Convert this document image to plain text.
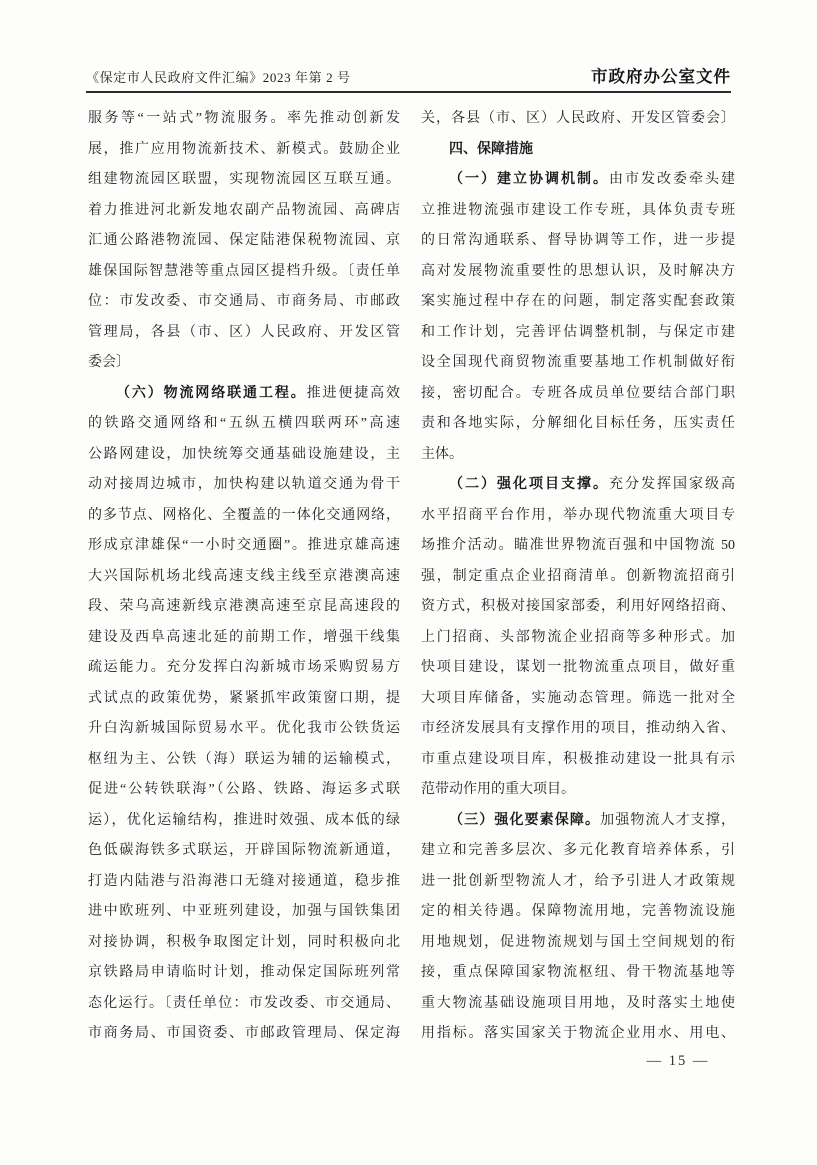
《保定市人民政府文件汇编》2023 年第 2 号	市政府办公室文件
服务等“一站式”物流服务。率先推动创新发
展，推广应用物流新技术、新模式。鼓励企业
组建物流园区联盟，实现物流园区互联互通。
着力推进河北新发地农副产品物流园、高碑店
汇通公路港物流园、保定陆港保税物流园、京
雄保国际智慧港等重点园区提档升级。〔责任单
位：市发改委、市交通局、市商务局、市邮政
管理局，各县（市、区）人民政府、开发区管
委会〕
（六）物流网络联通工程。推进便捷高效
的铁路交通网络和“五纵五横四联两环”高速
公路网建设，加快统筹交通基础设施建设，主
动对接周边城市，加快构建以轨道交通为骨干
的多节点、网格化、全覆盖的一体化交通网络，
形成京津雄保“一小时交通圈”。推进京雄高速
大兴国际机场北线高速支线主线至京港澳高速
段、荣乌高速新线京港澳高速至京昆高速段的
建设及西阜高速北延的前期工作，增强干线集
疏运能力。充分发挥白沟新城市场采购贸易方
式试点的政策优势，紧紧抓牢政策窗口期，提
升白沟新城国际贸易水平。优化我市公铁货运
枢纽为主、公铁（海）联运为辅的运输模式，
促进“公转铁联海”（公路、铁路、海运多式联
运），优化运输结构，推进时效强、成本低的绿
色低碳海铁多式联运，开辟国际物流新通道，
打造内陆港与沿海港口无缝对接通道，稳步推
进中欧班列、中亚班列建设，加强与国铁集团
对接协调，积极争取图定计划，同时积极向北
京铁路局申请临时计划，推动保定国际班列常
态化运行。〔责任单位：市发改委、市交通局、
市商务局、市国资委、市邮政管理局、保定海
关，各县（市、区）人民政府、开发区管委会〕
四、保障措施
（一）建立协调机制。由市发改委牵头建
立推进物流强市建设工作专班，具体负责专班
的日常沟通联系、督导协调等工作，进一步提
高对发展物流重要性的思想认识，及时解决方
案实施过程中存在的问题，制定落实配套政策
和工作计划，完善评估调整机制，与保定市建
设全国现代商贸物流重要基地工作机制做好衔
接，密切配合。专班各成员单位要结合部门职
责和各地实际，分解细化目标任务，压实责任
主体。
（二）强化项目支撑。充分发挥国家级高
水平招商平台作用，举办现代物流重大项目专
场推介活动。瞄准世界物流百强和中国物流 50
强，制定重点企业招商清单。创新物流招商引
资方式，积极对接国家部委，利用好网络招商、
上门招商、头部物流企业招商等多种形式。加
快项目建设，谋划一批物流重点项目，做好重
大项目库储备，实施动态管理。筛选一批对全
市经济发展具有支撑作用的项目，推动纳入省、
市重点建设项目库，积极推动建设一批具有示
范带动作用的重大项目。
（三）强化要素保障。加强物流人才支撑，
建立和完善多层次、多元化教育培养体系，引
进一批创新型物流人才，给予引进人才政策规
定的相关待遇。保障物流用地，完善物流设施
用地规划，促进物流规划与国土空间规划的衔
接，重点保障国家物流枢纽、骨干物流基地等
重大物流基础设施项目用地，及时落实土地使
用指标。落实国家关于物流企业用水、用电、
— 15 —
